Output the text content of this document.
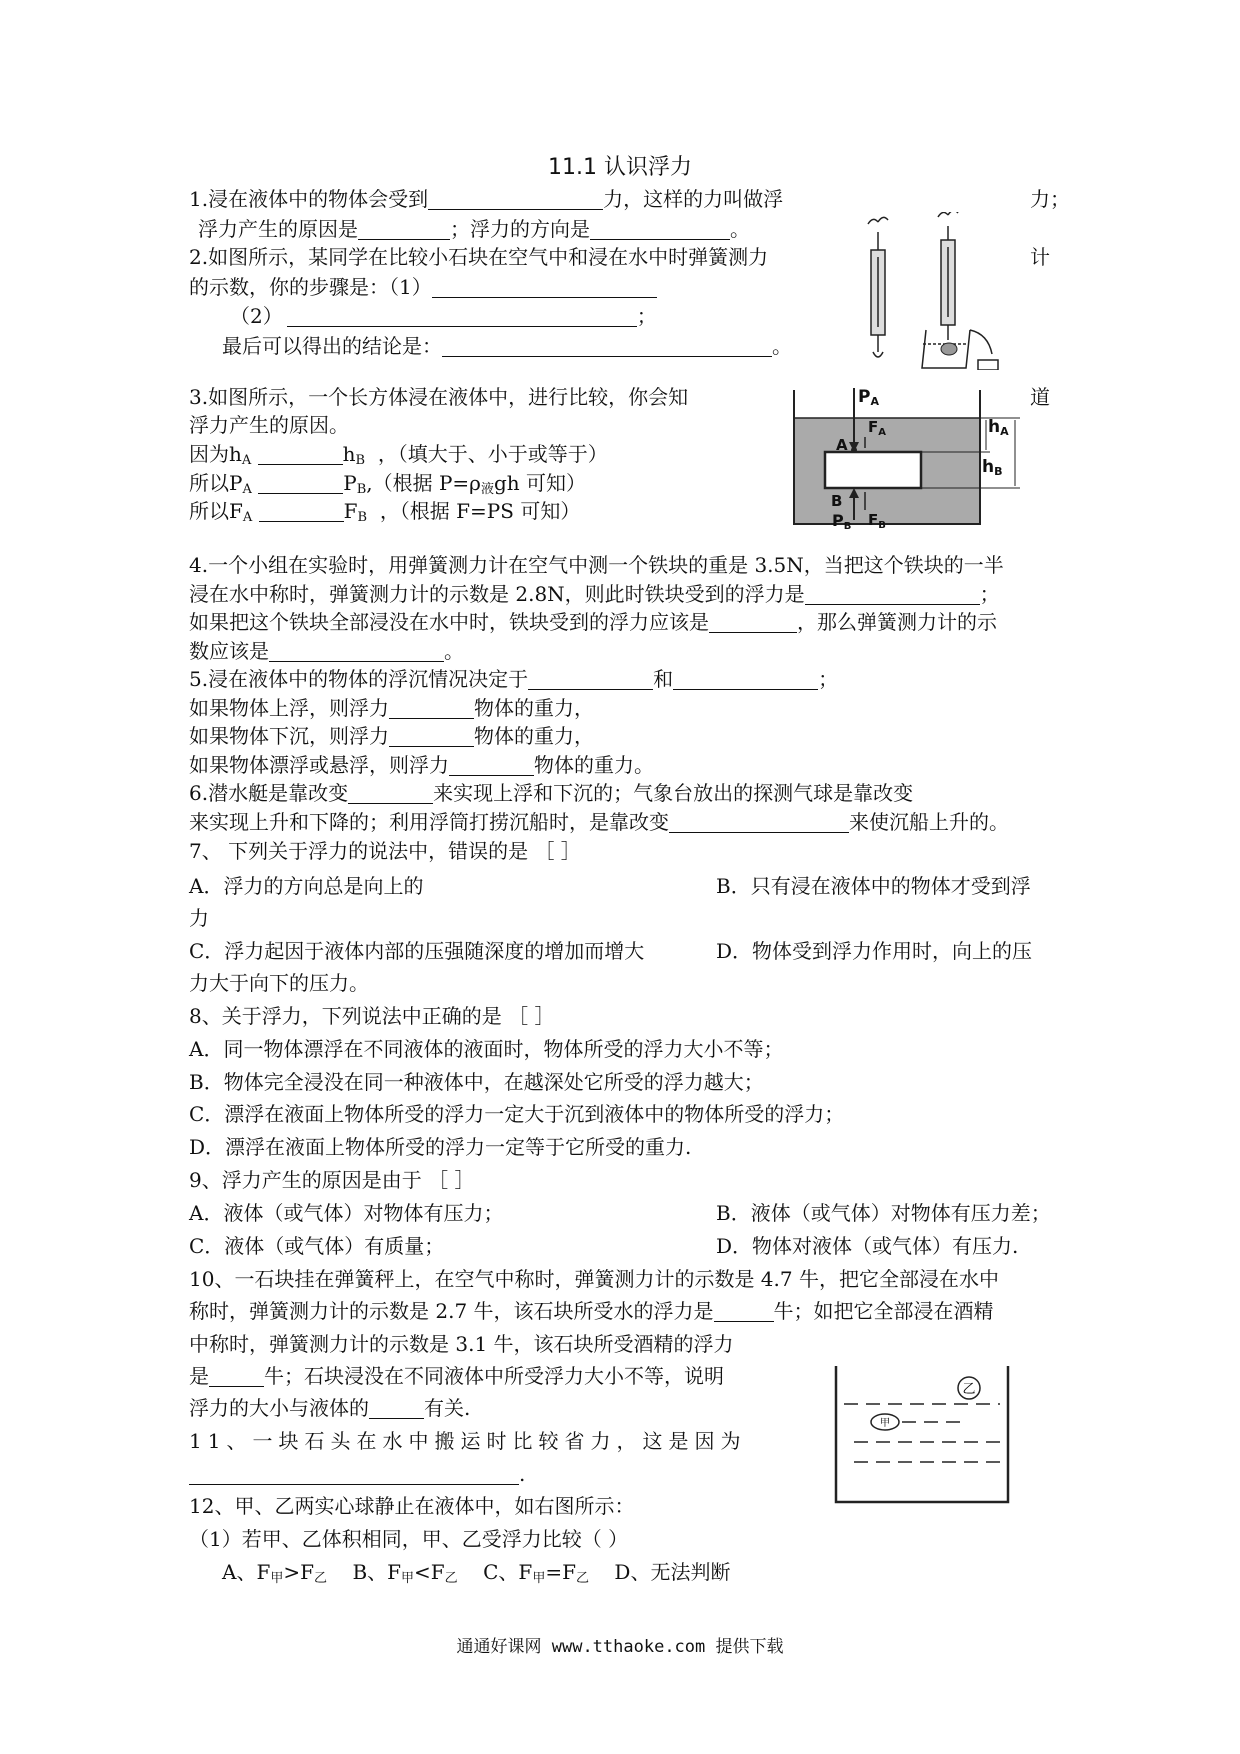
11.1 认识浮力
1.浸在液体中的物体会受到	力，这样的力叫做浮	力；
浮力产生的原因是	；浮力的方向是	。
2.如图所示，某同学在比较小石块在空气中和浸在水中时弹簧测力	计
的示数，你的步骤是：（1）
（2）	；
最后可以得出的结论是：	。
3.如图所示，一个长方体浸在液体中，进行比较，你会知	道
浮力产生的原因。
因为$h_A$	$h_B$ ，（填大于、小于或等于）
所以$P_A$	$P_B$,（根据 $P=\rho_液gh$ 可知）
所以$F_A$	$F_B$ ，（根据 F=PS 可知）
PA
$F_A$
A
hA
hB
B
PB $F_B$
4.一个小组在实验时，用弹簧测力计在空气中测一个铁块的重是 3.5N，当把这个铁块的一半
浸在水中称时，弹簧测力计的示数是 2.8N，则此时铁块受到的浮力是	；
如果把这个铁块全部浸没在水中时，铁块受到的浮力应该是	，那么弹簧测力计的示
数应该是	。
5.浸在液体中的物体的浮沉情况决定于	和	；
如果物体上浮，则浮力	物体的重力，
如果物体下沉，则浮力	物体的重力，
如果物体漂浮或悬浮，则浮力	物体的重力。
6.潜水艇是靠改变	来实现上浮和下沉的；气象台放出的探测气球是靠改变
来实现上升和下降的；利用浮筒打捞沉船时，是靠改变	来使沉船上升的。
7、 下列关于浮力的说法中，错误的是 ［ ］
A．浮力的方向总是向上的	B．只有浸在液体中的物体才受到浮
力
C．浮力起因于液体内部的压强随深度的增加而增大	D．物体受到浮力作用时，向上的压
力大于向下的压力。
8、关于浮力，下列说法中正确的是 ［ ］
A．同一物体漂浮在不同液体的液面时，物体所受的浮力大小不等；
B．物体完全浸没在同一种液体中，在越深处它所受的浮力越大；
C．漂浮在液面上物体所受的浮力一定大于沉到液体中的物体所受的浮力；
D．漂浮在液面上物体所受的浮力一定等于它所受的重力.
9、浮力产生的原因是由于 ［ ］
A．液体（或气体）对物体有压力；	B．液体（或气体）对物体有压力差；
C．液体（或气体）有质量；	D．物体对液体（或气体）有压力.
10、一石块挂在弹簧秤上，在空气中称时，弹簧测力计的示数是 4.7 牛，把它全部浸在水中
称时，弹簧测力计的示数是 2.7 牛，该石块所受水的浮力是	牛；如把它全部浸在酒精
中称时，弹簧测力计的示数是 3.1 牛，该石块所受酒精的浮力
是	牛；石块浸没在不同液体中所受浮力大小不等，说明
浮力的大小与液体的	有关.
11、一块石头在水中搬运时比较省力，这是因为
.
乙
甲
12、甲、乙两实心球静止在液体中，如右图所示：
（1）若甲、乙体积相同，甲、乙受浮力比较（ ）
A、$F_甲>F_乙$ B、$F_甲<F_乙$ C、$F_甲=F_乙$ D、无法判断
通通好课网 www.tthaoke.com 提供下载
